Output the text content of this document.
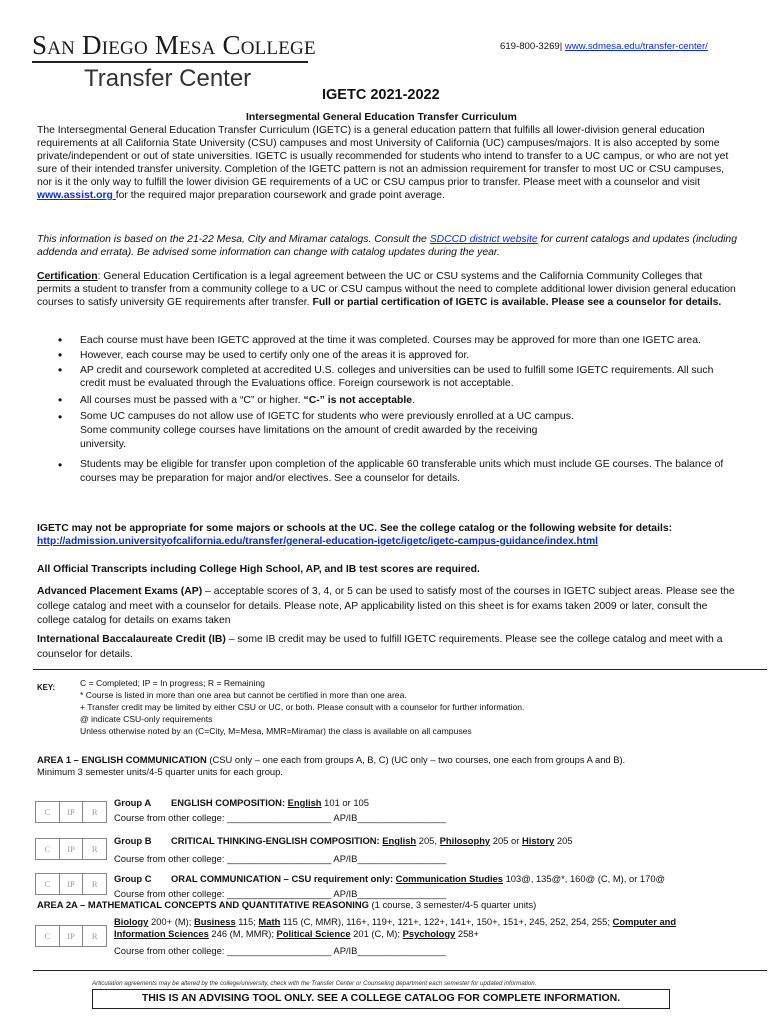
San Diego Mesa College
Transfer Center
619-800-3269| www.sdmesa.edu/transfer-center/
IGETC 2021-2022
Intersegmental General Education Transfer Curriculum
The Intersegmental General Education Transfer Curriculum (IGETC) is a general education pattern that fulfills all lower-division general education requirements at all California State University (CSU) campuses and most University of California (UC) campuses/majors. It is also accepted by some private/independent or out of state universities. IGETC is usually recommended for students who intend to transfer to a UC campus, or who are not yet sure of their intended transfer university. Completion of the IGETC pattern is not an admission requirement for transfer to most UC or CSU campuses, nor is it the only way to fulfill the lower division GE requirements of a UC or CSU campus prior to transfer. Please meet with a counselor and visit www.assist.org for the required major preparation coursework and grade point average.
This information is based on the 21-22 Mesa, City and Miramar catalogs. Consult the SDCCD district website for current catalogs and updates (including addenda and errata). Be advised some information can change with catalog updates during the year.
Certification: General Education Certification is a legal agreement between the UC or CSU systems and the California Community Colleges that permits a student to transfer from a community college to a UC or CSU campus without the need to complete additional lower division general education courses to satisfy university GE requirements after transfer. Full or partial certification of IGETC is available. Please see a counselor for details.
• Each course must have been IGETC approved at the time it was completed. Courses may be approved for more than one IGETC area.
• However, each course may be used to certify only one of the areas it is approved for.
• AP credit and coursework completed at accredited U.S. colleges and universities can be used to fulfill some IGETC requirements. All such credit must be evaluated through the Evaluations office. Foreign coursework is not acceptable.
• All courses must be passed with a “C” or higher. “C-” is not acceptable.
• Some UC campuses do not allow use of IGETC for students who were previously enrolled at a UC campus. Some community college courses have limitations on the amount of credit awarded by the receiving university.
• Students may be eligible for transfer upon completion of the applicable 60 transferable units which must include GE courses. The balance of courses may be preparation for major and/or electives. See a counselor for details.
IGETC may not be appropriate for some majors or schools at the UC. See the college catalog or the following website for details:
http://admission.universityofcalifornia.edu/transfer/general-education-igetc/igetc/igetc-campus-guidance/index.html
All Official Transcripts including College High School, AP, and IB test scores are required.
Advanced Placement Exams (AP) – acceptable scores of 3, 4, or 5 can be used to satisfy most of the courses in IGETC subject areas. Please see the college catalog and meet with a counselor for details. Please note, AP applicability listed on this sheet is for exams taken 2009 or later, consult the college catalog for details on exams taken
International Baccalaureate Credit (IB) – some IB credit may be used to fulfill IGETC requirements. Please see the college catalog and meet with a counselor for details.
KEY:	C = Completed; IP = In progress; R = Remaining
* Course is listed in more than one area but cannot be certified in more than one area.
+ Transfer credit may be limited by either CSU or UC, or both. Please consult with a counselor for further information.
@ indicate CSU-only requirements
Unless otherwise noted by an (C=City, M=Mesa, MMR=Miramar) the class is available on all campuses
AREA 1 – ENGLISH COMMUNICATION (CSU only – one each from groups A, B, C) (UC only – two courses, one each from groups A and B).
Minimum 3 semester units/4-5 quarter units for each group.
C	IP	R
Group A ENGLISH COMPOSITION: English 101 or 105
Course from other college: ____________________ AP/IB_________________
C	IP	R
Group B CRITICAL THINKING-ENGLISH COMPOSITION: English 205, Philosophy 205 or History 205
Course from other college: ____________________ AP/IB_________________
C	IP	R	Group C ORAL COMMUNICATION – CSU requirement only: Communication Studies 103@, 135@*, 160@ (C, M), or 170@
Course from other college: ____________________ AP/IB_________________
AREA 2A – MATHEMATICAL CONCEPTS AND QUANTITATIVE REASONING (1 course, 3 semester/4-5 quarter units)
C	IP	R
Biology 200+ (M); Business 115; Math 115 (C, MMR), 116+, 119+, 121+, 122+, 141+, 150+, 151+, 245, 252, 254, 255; Computer and Information Sciences 246 (M, MMR); Political Science 201 (C, M); Psychology 258+
Course from other college: ____________________ AP/IB_________________
Articulation agreements may be altered by the college/university, check with the Transfer Center or Counseling department each semester for updated information.
THIS IS AN ADVISING TOOL ONLY. SEE A COLLEGE CATALOG FOR COMPLETE INFORMATION.
